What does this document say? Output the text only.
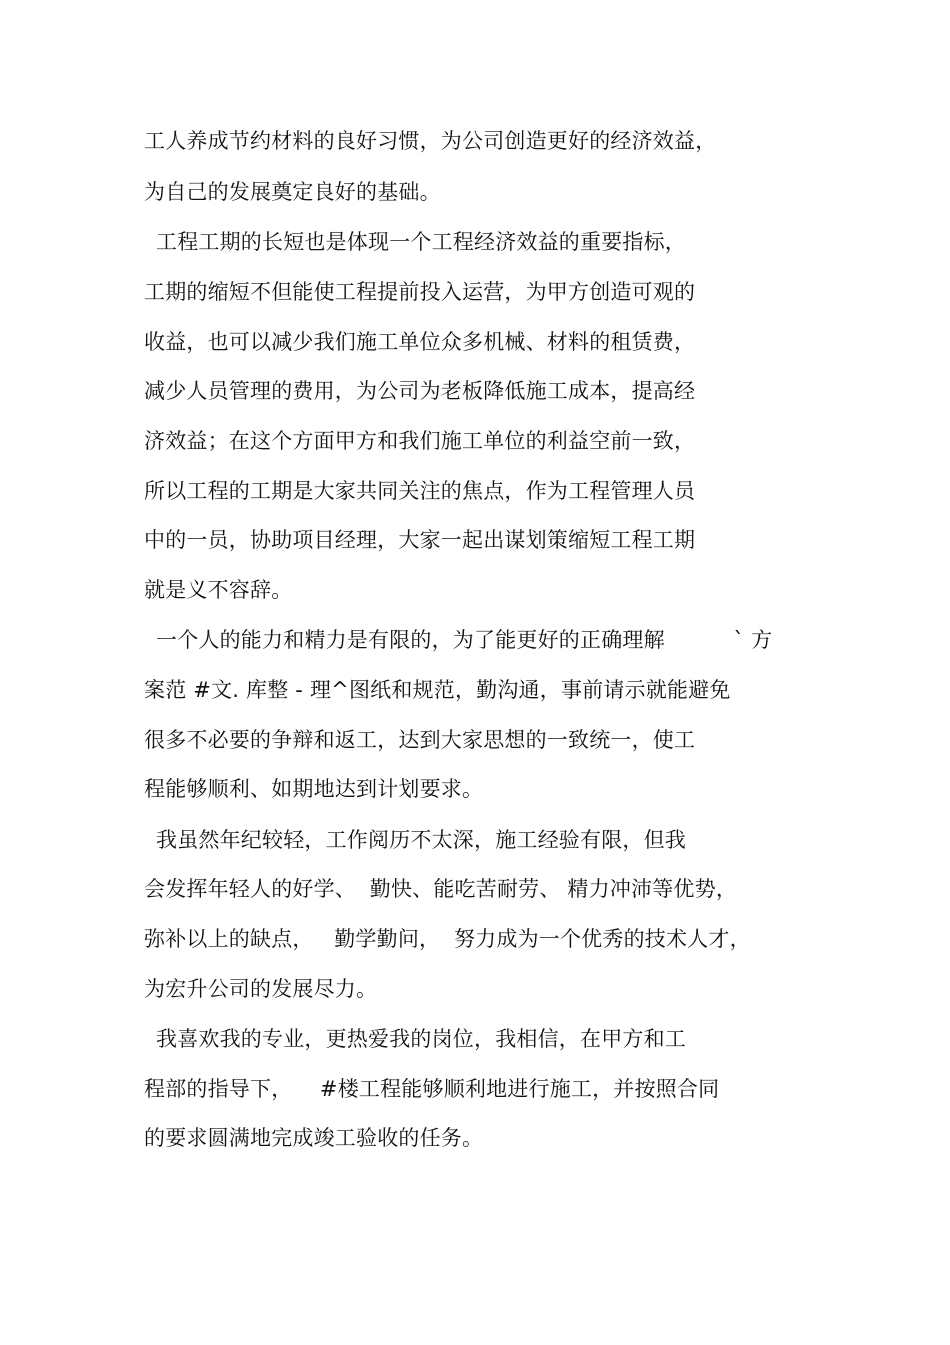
工人养成节约材料的良好习惯，为公司创造更好的经济效益，
为自己的发展奠定良好的基础。
工程工期的长短也是体现一个工程经济效益的重要指标，
工期的缩短不但能使工程提前投入运营，为甲方创造可观的
收益，也可以减少我们施工单位众多机械、材料的租赁费，
减少人员管理的费用，为公司为老板降低施工成本，提高经
济效益；在这个方面甲方和我们施工单位的利益空前一致，
所以工程的工期是大家共同关注的焦点，作为工程管理人员
中的一员，协助项目经理，大家一起出谋划策缩短工程工期
就是义不容辞。
一个人的能力和精力是有限的，为了能更好的正确理解          ` 方
案范 #文. 库整 - 理^图纸和规范，勤沟通，事前请示就能避免
很多不必要的争辩和返工，达到大家思想的一致统一，使工
程能够顺利、如期地达到计划要求。
我虽然年纪较轻，工作阅历不太深，施工经验有限，但我
会发挥年轻人的好学、  勤快、能吃苦耐劳、 精力冲沛等优势，
弥补以上的缺点，   勤学勤问，  努力成为一个优秀的技术人才，
为宏升公司的发展尽力。
我喜欢我的专业，更热爱我的岗位，我相信，在甲方和工
程部的指导下，    #楼工程能够顺利地进行施工，并按照合同
的要求圆满地完成竣工验收的任务。
